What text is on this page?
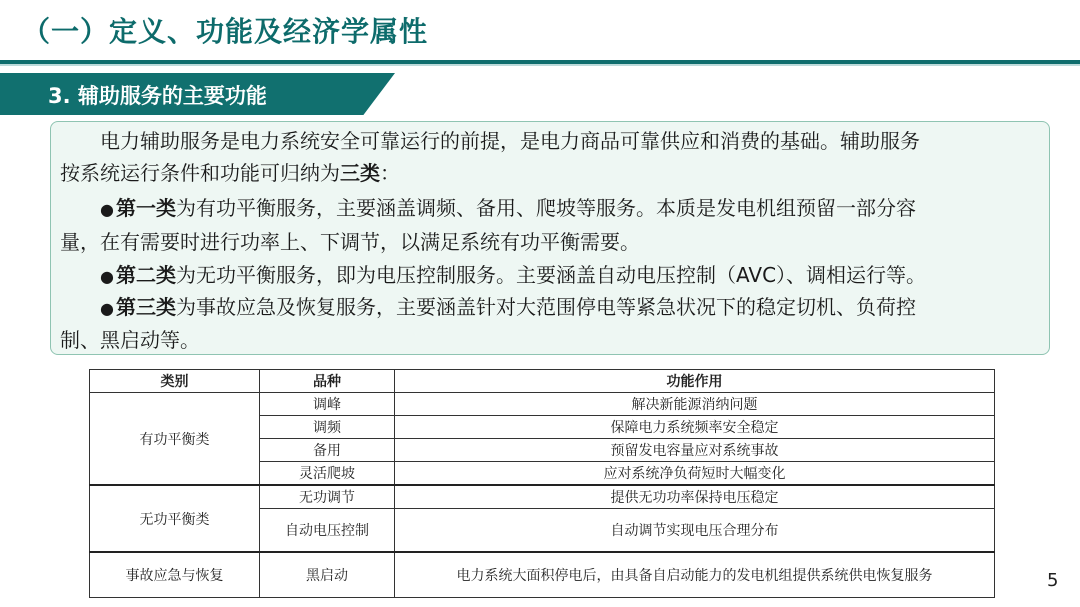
（一）定义、功能及经济学属性
3. 辅助服务的主要功能
电力辅助服务是电力系统安全可靠运行的前提，是电力商品可靠供应和消费的基础。辅助服务
按系统运行条件和功能可归纳为三类：
● 第一类为有功平衡服务，主要涵盖调频、备用、爬坡等服务。本质是发电机组预留一部分容
量，在有需要时进行功率上、下调节，以满足系统有功平衡需要。
● 第二类为无功平衡服务，即为电压控制服务。主要涵盖自动电压控制（AVC）、调相运行等。
● 第三类为事故应急及恢复服务，主要涵盖针对大范围停电等紧急状况下的稳定切机、负荷控
制、黑启动等。
类别	品种	功能作用
有功平衡类	调峰	解决新能源消纳问题
	调频	保障电力系统频率安全稳定
	备用	预留发电容量应对系统事故
	灵活爬坡	应对系统净负荷短时大幅变化
无功平衡类	无功调节	提供无功功率保持电压稳定
	自动电压控制	自动调节实现电压合理分布
事故应急与恢复	黑启动	电力系统大面积停电后，由具备自启动能力的发电机组提供系统供电恢复服务	5
